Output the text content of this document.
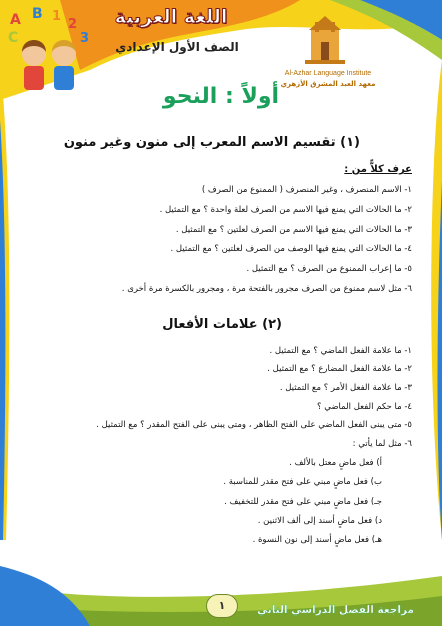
A B
C
1
2
3
اللغة العربية
الصف الأول الإعدادي
Al-Azhar Language Institute
معهد العبد المشرق الأزهري
أولاً : النحو
(١) تقسيم الاسم المعرب إلى منون وغير منون
عرف كلاًّ من :
١- الاسم المنصرف ، وغير المنصرف ( الممنوع من الصرف )
٢- ما الحالات التي يمنع فيها الاسم من الصرف لعلة واحدة ؟ مع التمثيل .
٣- ما الحالات التي يمنع فيها الاسم من الصرف لعلتين ؟ مع التمثيل .
٤- ما الحالات التي يمنع فيها الوصف من الصرف لعلتين ؟ مع التمثيل .
٥- ما إعراب الممنوع من الصرف ؟ مع التمثيل .
٦- مثل لاسم ممنوع من الصرف مجرور بالفتحة مرة ، ومجرور بالكسرة مرة أخرى .
(٢) علامات الأفعال
١- ما علامة الفعل الماضي ؟ مع التمثيل .
٢- ما علامة الفعل المضارع ؟ مع التمثيل .
٣- ما علامة الفعل الأمر ؟ مع التمثيل .
٤- ما حكم الفعل الماضي ؟
٥- متى يبنى الفعل الماضي على الفتح الظاهر ، ومتى يبنى على الفتح المقدر ؟ مع التمثيل .
٦- مثل لما يأتي :
أ) فعل ماضٍ معتل بالألف .
ب) فعل ماضٍ مبني على فتح مقدر للمناسبة .
جـ) فعل ماضٍ مبني على فتح مقدر للتخفيف .
د) فعل ماضٍ أسند إلى ألف الاثنين .
هـ) فعل ماضٍ أسند إلى نون النسوة .
١	مراجعة الفصل الدراسي الثاني
